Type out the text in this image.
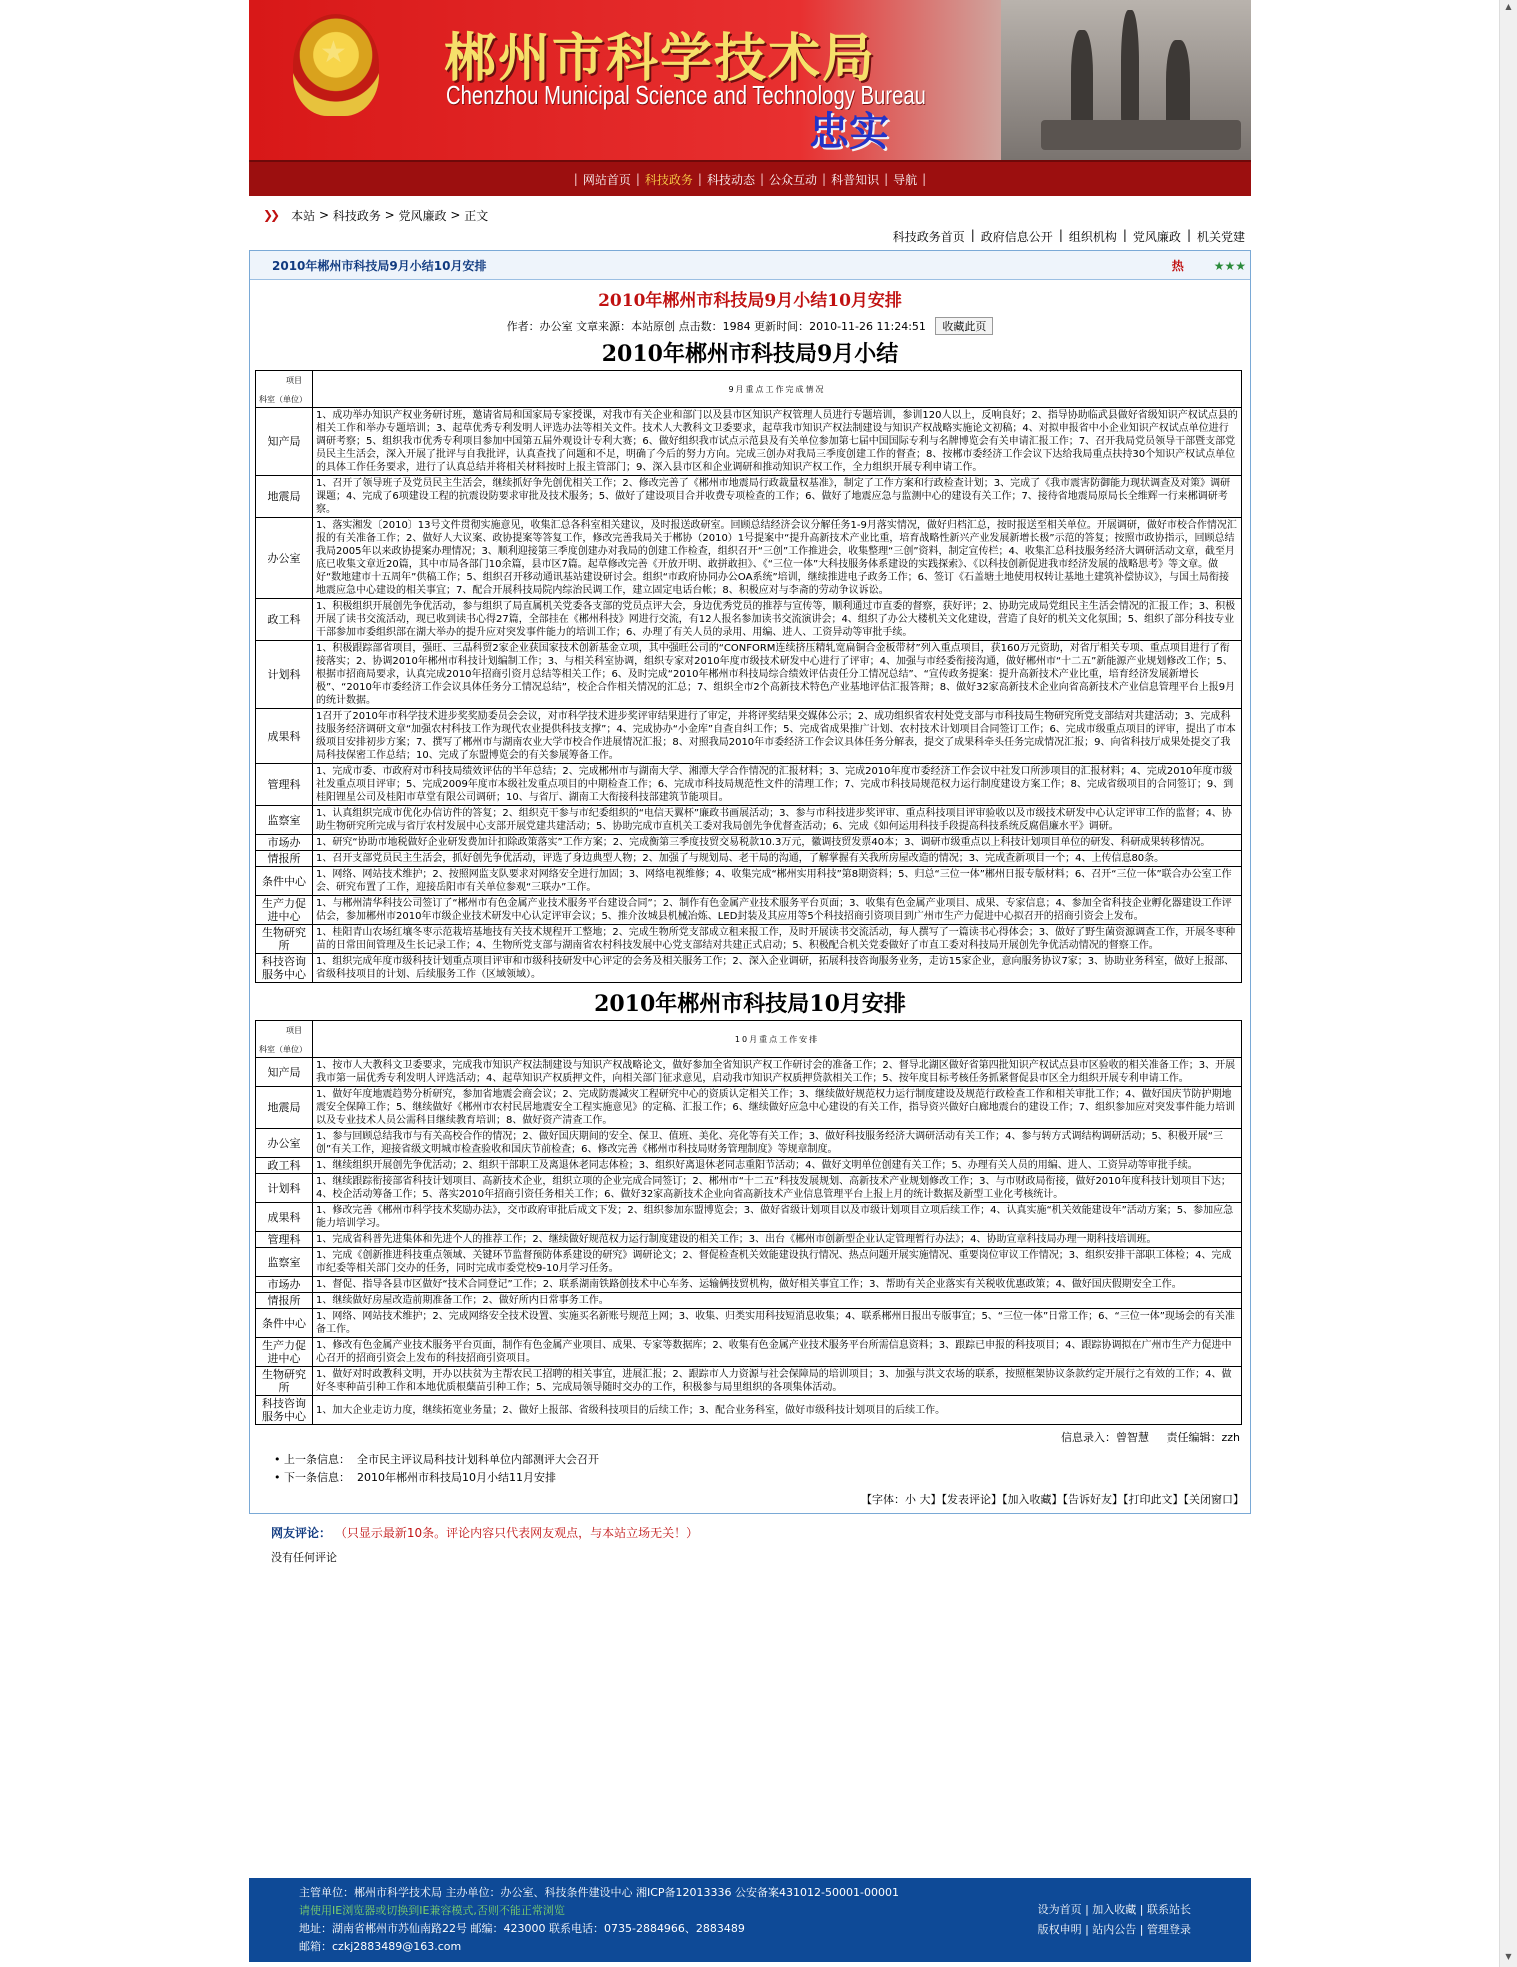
★ 郴州市科学技术局
Chenzhou Municipal Science and Technology Bureau
忠实
| 网站首页 | 科技政务 | 科技动态 | 公众互动 | 科普知识 | 导航 |
❯❯ 本站 > 科技政务 > 党风廉政 > 正文
科技政务首页 | 政府信息公开 | 组织机构 | 党风廉政 | 机关党建
2010年郴州市科技局9月小结10月安排	热	★★★
2010年郴州市科技局9月小结10月安排
作者：办公室 文章来源：本站原创 点击数：1984 更新时间：2010-11-26 11:24:51 收藏此页
2010年郴州市科技局9月小结
项目
科室（单位）	9月重点工作完成情况
知产局	1、成功举办知识产权业务研讨班，邀请省局和国家局专家授课，对我市有关企业和部门以及县市区知识产权管理人员进行专题培训，参训120人以上，反响良好；2、指导协助临武县做好省级知识产权试点县的相关工作和举办专题培训；3、起草优秀专利发明人评选办法等相关文件。技术人大教科文卫委要求，起草我市知识产权法制建设与知识产权战略实施论文初稿；4、对拟申报省中小企业知识产权试点单位进行调研考察；5、组织我市优秀专利项目参加中国第五届外观设计专利大赛；6、做好组织我市试点示范县及有关单位参加第七届中国国际专利与名牌博览会有关申请汇报工作；7、召开我局党员领导干部暨支部党员民主生活会，深入开展了批评与自我批评，认真查找了问题和不足，明确了今后的努力方向。完成三创办对我局三季度创建工作的督查；8、按郴市委经济工作会议下达给我局重点扶持30个知识产权试点单位的具体工作任务要求，进行了认真总结并将相关材料按时上报主管部门；9、深入县市区和企业调研和推动知识产权工作，全力组织开展专利申请工作。
地震局	1、召开了领导班子及党员民主生活会，继续抓好争先创优相关工作；2、修改完善了《郴州市地震局行政裁量权基准》，制定了工作方案和行政检查计划；3、完成了《我市震害防御能力现状调查及对策》调研课题；4、完成了6项建设工程的抗震设防要求审批及技术服务；5、做好了建设项目合并收费专项检查的工作；6、做好了地震应急与监测中心的建设有关工作；7、接待省地震局原局长全维辉一行来郴调研考察。
办公室	1、落实湘发〔2010〕13号文件贯彻实施意见，收集汇总各科室相关建议，及时报送政研室。回顾总结经济会议分解任务1-9月落实情况，做好归档汇总，按时报送至相关单位。开展调研，做好市校合作情况汇报的有关准备工作；2、做好人大议案、政协提案等答复工作，修改完善我局关于郴协（2010）1号提案中“提升高新技术产业比重，培育战略性新兴产业发展新增长极”示范的答复；按照市政协指示，回顾总结我局2005年以来政协提案办理情况；3、顺利迎接第三季度创建办对我局的创建工作检查，组织召开“三创”工作推进会，收集整理“三创”资料，制定宣传栏；4、收集汇总科技服务经济大调研活动文章，截至月底已收集文章近20篇，其中市局各部门10余篇，县市区7篇。起草修改完善《开放开明、敢拼敢担》、《“三位一体”大科技服务体系建设的实践探索》、《以科技创新促进我市经济发展的战略思考》等文章。做好“数地建市十五周年”供稿工作；5、组织召开移动通讯基站建设研讨会。组织“市政府协同办公OA系统”培训，继续推进电子政务工作；6、签订《石盖塘土地使用权转让基地土建筑补偿协议》，与国土局衔接地震应急中心建设的相关事宜；7、配合开展科技局院内综治民调工作，建立固定电话台帐；8、积极应对与李斋的劳动争议诉讼。
政工科	1、积极组织开展创先争优活动，参与组织了局直属机关党委各支部的党员点评大会，身边优秀党员的推荐与宣传等，顺利通过市直委的督察，获好评；2、协助完成局党组民主生活会情况的汇报工作；3、积极开展了读书交流活动，现已收到读书心得27篇，全部挂在《郴州科技》网进行交流，有12人报名参加读书交流演讲会；4、组织了办公大楼机关文化建设，营造了良好的机关文化氛围；5、组织了部分科技专业干部参加市委组织部在湖大举办的提升应对突发事件能力的培训工作；6、办理了有关人员的录用、用编、进人、工资异动等审批手续。
计划科	1、积极跟踪部省项目，强旺、三晶科贸2家企业获国家技术创新基金立项，其中强旺公司的“CONFORM连续挤压精轧宽扁铜合金板带材”列入重点项目，获160万元资助，对省厅相关专项、重点项目进行了衔接落实；2、协调2010年郴州市科技计划编制工作；3、与相关科室协调，组织专家对2010年度市级技术研发中心进行了评审；4、加强与市经委衔接沟通，做好郴州市“十二五”新能源产业规划修改工作；5、根据市招商局要求，认真完成2010年招商引资月总结等相关工作；6、及时完成“2010年郴州市科技局综合绩效评估责任分工情况总结”、“宣传政务提案：提升高新技术产业比重，培育经济发展新增长极”、“2010年市委经济工作会议具体任务分工情况总结”，校企合作相关情况的汇总；7、组织全市2个高新技术特色产业基地评估汇报答辩；8、做好32家高新技术企业向省高新技术产业信息管理平台上报9月的统计数据。
成果科	1召开了2010年市科学技术进步奖奖励委员会会议，对市科学技术进步奖评审结果进行了审定，并将评奖结果交媒体公示；2、成功组织省农村处党支部与市科技局生物研究所党支部结对共建活动；3、完成科技服务经济调研文章“加强农村科技工作为现代农业提供科技支撑”；4、完成协办“小金库”自查自纠工作；5、完成省成果推广计划、农村技术计划项目合同签订工作；6、完成市级重点项目的评审，提出了市本级项目安排初步方案；7、撰写了郴州市与湖南农业大学市校合作进展情况汇报；8、对照我局2010年市委经济工作会议具体任务分解表，提交了成果科牵头任务完成情况汇报；9、向省科技厅成果处提交了我局科技保密工作总结；10、完成了东盟博览会的有关参展筹备工作。
管理科	1、完成市委、市政府对市科技局绩效评估的半年总结；2、完成郴州市与湖南大学、湘潭大学合作情况的汇报材料；3、完成2010年度市委经济工作会议中社发口所涉项目的汇报材料；4、完成2010年度市级社发重点项目评审；5、完成2009年度市本级社发重点项目的中期检查工作；6、完成市科技局规范性文件的清理工作；7、完成市科技局规范权力运行制度建设方案工作；8、完成省级项目的合同签订；9、到桂阳锂星公司及桂阳市草堂有限公司调研；10、与省厅、湖南工大衔接科技部建筑节能项目。
监察室	1、认真组织完成市优化办信访件的答复；2、组织克干参与市纪委组织的“电信天翼杯”廉政书画展活动；3、参与市科技进步奖评审、重点科技项目评审验收以及市级技术研发中心认定评审工作的监督；4、协助生物研究所完成与省厅农村发展中心支部开展党建共建活动；5、协助完成市直机关工委对我局创先争优督查活动；6、完成《如何运用科技手段提高科技系统反腐倡廉水平》调研。
市场办	1、研究“协助市地税做好企业研发费加计扣除政策落实”工作方案；2、完成衡第三季度技贸交易税款10.3万元，徽调技贸发票40本；3、调研市级重点以上科技计划项目单位的研发、科研成果转移情况。
情报所	1、召开支部党员民主生活会，抓好创先争优活动，评选了身边典型人物；2、加强了与规划局、老干局的沟通，了解掌握有关我所房屋改造的情况；3、完成查新项目一个；4、上传信息80条。
条件中心	1、网络、网站技术维护；2、按照网监支队要求对网络安全进行加固；3、网络电视维修；4、收集完成“郴州实用科技”第8期资料；5、归总“三位一体”郴州日报专版材料；6、召开“三位一体”联合办公室工作会、研究布置了工作，迎接岳阳市有关单位参观“三联办”工作。
生产力促进中心	1、与郴州清华科技公司签订了“郴州市有色金属产业技术服务平台建设合同”；2、制作有色金属产业技术服务平台页面；3、收集有色金属产业项目、成果、专家信息；4、参加全省科技企业孵化器建设工作评估会，参加郴州市2010年市级企业技术研发中心认定评审会议；5、推介汝城县机械冶炼、LED封装及其应用等5个科技招商引资项目到广州市生产力促进中心拟召开的招商引资会上发布。
生物研究所	1、桂阳青山农场红壤冬枣示范栽培基地技有关技术规程开工整地；2、完成生物所党支部成立租来报工作，及时开展读书交流活动，每人撰写了一篇读书心得体会；3、做好了野生菌资源调查工作，开展冬枣种苗的日常田间管理及生长记录工作；4、生物所党支部与湖南省农村科技发展中心党支部结对共建正式启动；5、积极配合机关党委做好了市直工委对科技局开展创先争优活动情况的督察工作。
科技咨询服务中心	1、组织完成年度市级科技计划重点项目评审和市级科技研发中心评定的会务及相关服务工作；2、深入企业调研，拓展科技咨询服务业务，走访15家企业，意向服务协议7家；3、协助业务科室，做好上报部、省级科技项目的计划、后续服务工作（区域领域）。
2010年郴州市科技局10月安排
项目
科室（单位）	10月重点工作安排
知产局	1、按市人大教科文卫委要求，完成我市知识产权法制建设与知识产权战略论文，做好参加全省知识产权工作研讨会的准备工作；2、督导北湖区做好省第四批知识产权试点县市区验收的相关准备工作；3、开展我市第一届优秀专利发明人评选活动；4、起草知识产权质押文件，向相关部门征求意见，启动我市知识产权质押贷款相关工作；5、按年度目标考核任务抓紧督促县市区全力组织开展专利申请工作。
地震局	1、做好年度地震趋势分析研究，参加省地震会商会议；2、完成防震减灾工程研究中心的资质认定相关工作；3、继续做好规范权力运行制度建设及规范行政检查工作和相关审批工作；4、做好国庆节防护期地震安全保障工作；5、继续做好《郴州市农村民居地震安全工程实施意见》的定稿、汇报工作；6、继续做好应急中心建设的有关工作，指导资兴做好白廊地震台的建设工作；7、组织参加应对突发事件能力培训以及专业技术人员公需科目继续教育培训；8、做好资产清查工作。
办公室	1、参与回顾总结我市与有关高校合作的情况；2、做好国庆期间的安全、保卫、值班、美化、亮化等有关工作；3、做好科技服务经济大调研活动有关工作；4、参与转方式调结构调研活动；5、积极开展“三创”有关工作，迎接省级文明城市检查验收和国庆节前检查；6、修改完善《郴州市科技局财务管理制度》等规章制度。
政工科	1、继续组织开展创先争优活动；2、组织干部职工及离退休老同志体检；3、组织好离退休老同志重阳节活动；4、做好文明单位创建有关工作；5、办理有关人员的用编、进人、工资异动等审批手续。
计划科	1、继续跟踪衔接部省科技计划项目、高新技术企业，组织立项的企业完成合同签订；2、郴州市“十二五”科技发展规划、高新技术产业规划修改工作；3、与市财政局衔接，做好2010年度科技计划项目下达；4、校企活动筹备工作；5、落实2010年招商引资任务相关工作；6、做好32家高新技术企业向省高新技术产业信息管理平台上报上月的统计数据及新型工业化考核统计。
成果科	1、修改完善《郴州市科学技术奖励办法》，交市政府审批后成文下发；2、组织参加东盟博览会；3、做好省级计划项目以及市级计划项目立项后续工作；4、认真实施“机关效能建设年”活动方案；5、参加应急能力培训学习。
管理科	1、完成省科普先进集体和先进个人的推荐工作；2、继续做好规范权力运行制度建设的相关工作；3、出台《郴州市创新型企业认定管理暂行办法》；4、协助宣章科技局办理一期科技培训班。
监察室	1、完成《创新推进科技重点领域、关键环节监督预防体系建设的研究》调研论文；2、督促检查机关效能建设执行情况、热点问题开展实施情况、重要岗位审议工作情况；3、组织安排干部职工体检；4、完成市纪委等相关部门交办的任务，同时完成市委党校9-10月学习任务。
市场办	1、督促、指导各县市区做好“技术合同登记”工作；2、联系湖南铁路创技术中心车务、运输俩技贸机构，做好相关事宜工作；3、帮助有关企业落实有关税收优惠政策；4、做好国庆假期安全工作。
情报所	1、继续做好房屋改造前期准备工作；2、做好所内日常事务工作。
条件中心	1、网络、网站技术维护；2、完成网络安全技术设置、实施买名新账号规范上网；3、收集、归类实用科技短消息收集；4、联系郴州日报出专版事宜；5、“三位一体”日常工作；6、“三位一体”现场会的有关准备工作。
生产力促进中心	1、修改有色金属产业技术服务平台页面，制作有色金属产业项目、成果、专家等数据库；2、收集有色金属产业技术服务平台所需信息资料；3、跟踪已申报的科技项目；4、跟踪协调拟在广州市生产力促进中心召开的招商引资会上发布的科技招商引资项目。
生物研究所	1、做好对时政教科文明，开办以扶贫为主帮农民工招聘的相关事宜，进展汇报；2、跟踪市人力资源与社会保障局的培训项目；3、加强与洪文农场的联系，按照框架协议条款约定开展行之有效的工作；4、做好冬枣种苗引种工作和本地优质根蘖苗引种工作；5、完成局领导随时交办的工作，积极参与局里组织的各项集体活动。
科技咨询服务中心	1、加大企业走访力度，继续拓宽业务量；2、做好上报部、省级科技项目的后续工作；3、配合业务科室，做好市级科技计划项目的后续工作。
信息录入：曾智慧 责任编辑：zzh
• 上一条信息： 全市民主评议局科技计划科单位内部测评大会召开
• 下一条信息： 2010年郴州市科技局10月小结11月安排
【字体：小 大】【发表评论】【加入收藏】【告诉好友】【打印此文】【关闭窗口】
网友评论： （只显示最新10条。评论内容只代表网友观点，与本站立场无关！）
没有任何评论
主管单位：郴州市科学技术局 主办单位：办公室、科技条件建设中心 湘ICP备12013336 公安备案431012-50001-00001
请使用IE浏览器或切换到IE兼容模式,否则不能正常浏览
地址：湖南省郴州市苏仙南路22号 邮编：423000 联系电话：0735-2884966、2883489
邮箱：czkj2883489@163.com
设为首页 | 加入收藏 | 联系站长
版权申明 | 站内公告 | 管理登录
▲
▼
